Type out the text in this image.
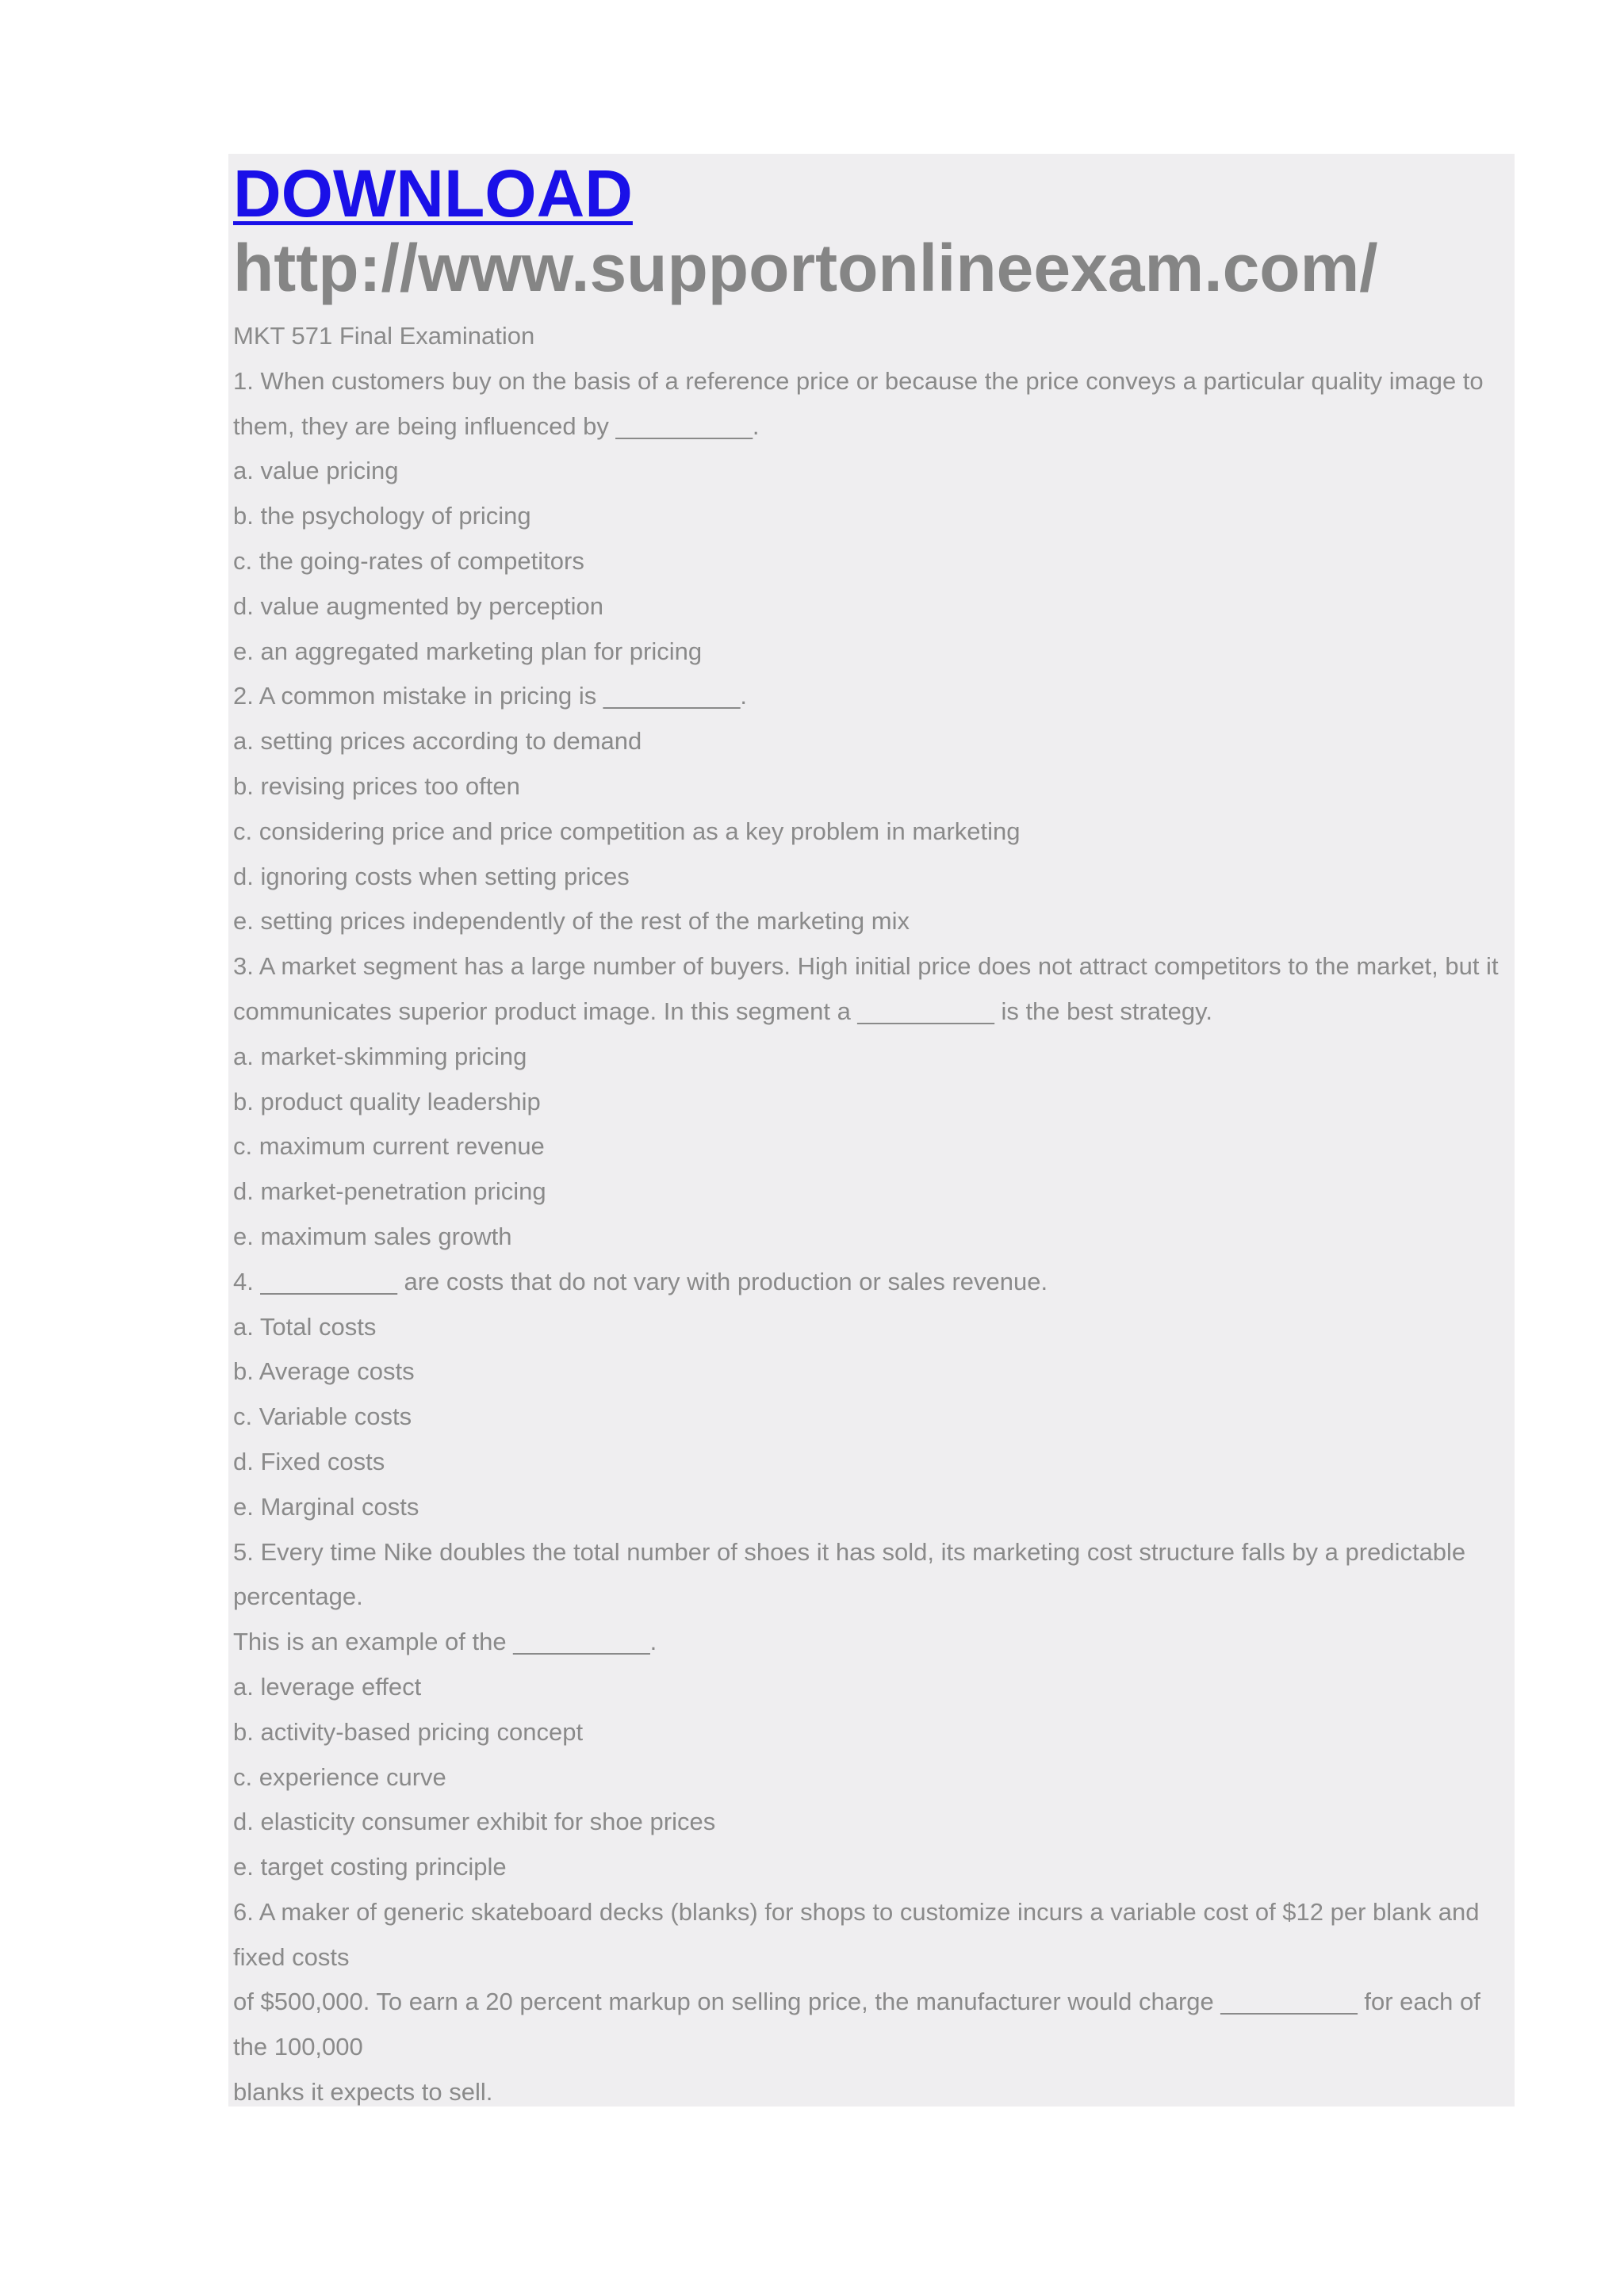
DOWNLOAD
http://www.supportonlineexam.com/
MKT 571 Final Examination
1. When customers buy on the basis of a reference price or because the price conveys a particular quality image to
them, they are being influenced by __________.
a. value pricing
b. the psychology of pricing
c. the going-rates of competitors
d. value augmented by perception
e. an aggregated marketing plan for pricing
2. A common mistake in pricing is __________.
a. setting prices according to demand
b. revising prices too often
c. considering price and price competition as a key problem in marketing
d. ignoring costs when setting prices
e. setting prices independently of the rest of the marketing mix
3. A market segment has a large number of buyers. High initial price does not attract competitors to the market, but it
communicates superior product image. In this segment a __________ is the best strategy.
a. market-skimming pricing
b. product quality leadership
c. maximum current revenue
d. market-penetration pricing
e. maximum sales growth
4. __________ are costs that do not vary with production or sales revenue.
a. Total costs
b. Average costs
c. Variable costs
d. Fixed costs
e. Marginal costs
5. Every time Nike doubles the total number of shoes it has sold, its marketing cost structure falls by a predictable
percentage.
This is an example of the __________.
a. leverage effect
b. activity-based pricing concept
c. experience curve
d. elasticity consumer exhibit for shoe prices
e. target costing principle
6. A maker of generic skateboard decks (blanks) for shops to customize incurs a variable cost of $12 per blank and
fixed costs
of $500,000. To earn a 20 percent markup on selling price, the manufacturer would charge __________ for each of
the 100,000
blanks it expects to sell.
